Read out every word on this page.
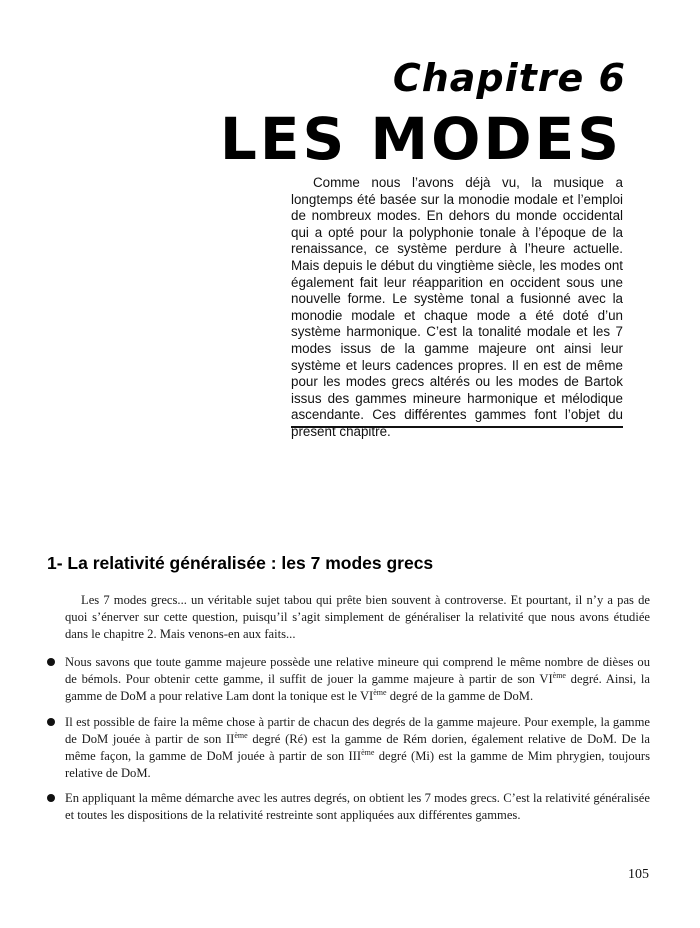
Chapitre 6
LES MODES

Comme nous l’avons déjà vu, la musique a longtemps été basée sur la monodie modale et l’emploi de nombreux modes. En dehors du monde occidental qui a opté pour la polyphonie tonale à l’époque de la renaissance, ce système perdure à l’heure actuelle. Mais depuis le début du vingtième siècle, les modes ont également fait leur réapparition en occident sous une nouvelle forme. Le système tonal a fusionné avec la monodie modale et chaque mode a été doté d’un système harmonique. C’est la tonalité modale et les 7 modes issus de la gamme majeure ont ainsi leur système et leurs cadences propres. Il en est de même pour les modes grecs altérés ou les modes de Bartok issus des gammes mineure harmonique et mélodique ascendante. Ces différentes gammes font l’objet du présent chapitre.

1- La relativité généralisée : les 7 modes grecs

Les 7 modes grecs... un véritable sujet tabou qui prête bien souvent à controverse. Et pourtant, il n’y a pas de quoi s’énerver sur cette question, puisqu’il s’agit simplement de généraliser la relativité que nous avons étudiée dans le chapitre 2. Mais venons-en aux faits...

Nous savons que toute gamme majeure possède une relative mineure qui comprend le même nombre de dièses ou de bémols. Pour obtenir cette gamme, il suffit de jouer la gamme majeure à partir de son VIème degré. Ainsi, la gamme de DoM a pour relative Lam dont la tonique est le VIème degré de la gamme de DoM.

Il est possible de faire la même chose à partir de chacun des degrés de la gamme majeure. Pour exemple, la gamme de DoM jouée à partir de son IIème degré (Ré) est la gamme de Rém dorien, également relative de DoM. De la même façon, la gamme de DoM jouée à partir de son IIIème degré (Mi) est la gamme de Mim phrygien, toujours relative de DoM.

En appliquant la même démarche avec les autres degrés, on obtient les 7 modes grecs. C’est la relativité généralisée et toutes les dispositions de la relativité restreinte sont appliquées aux différentes gammes.

105
